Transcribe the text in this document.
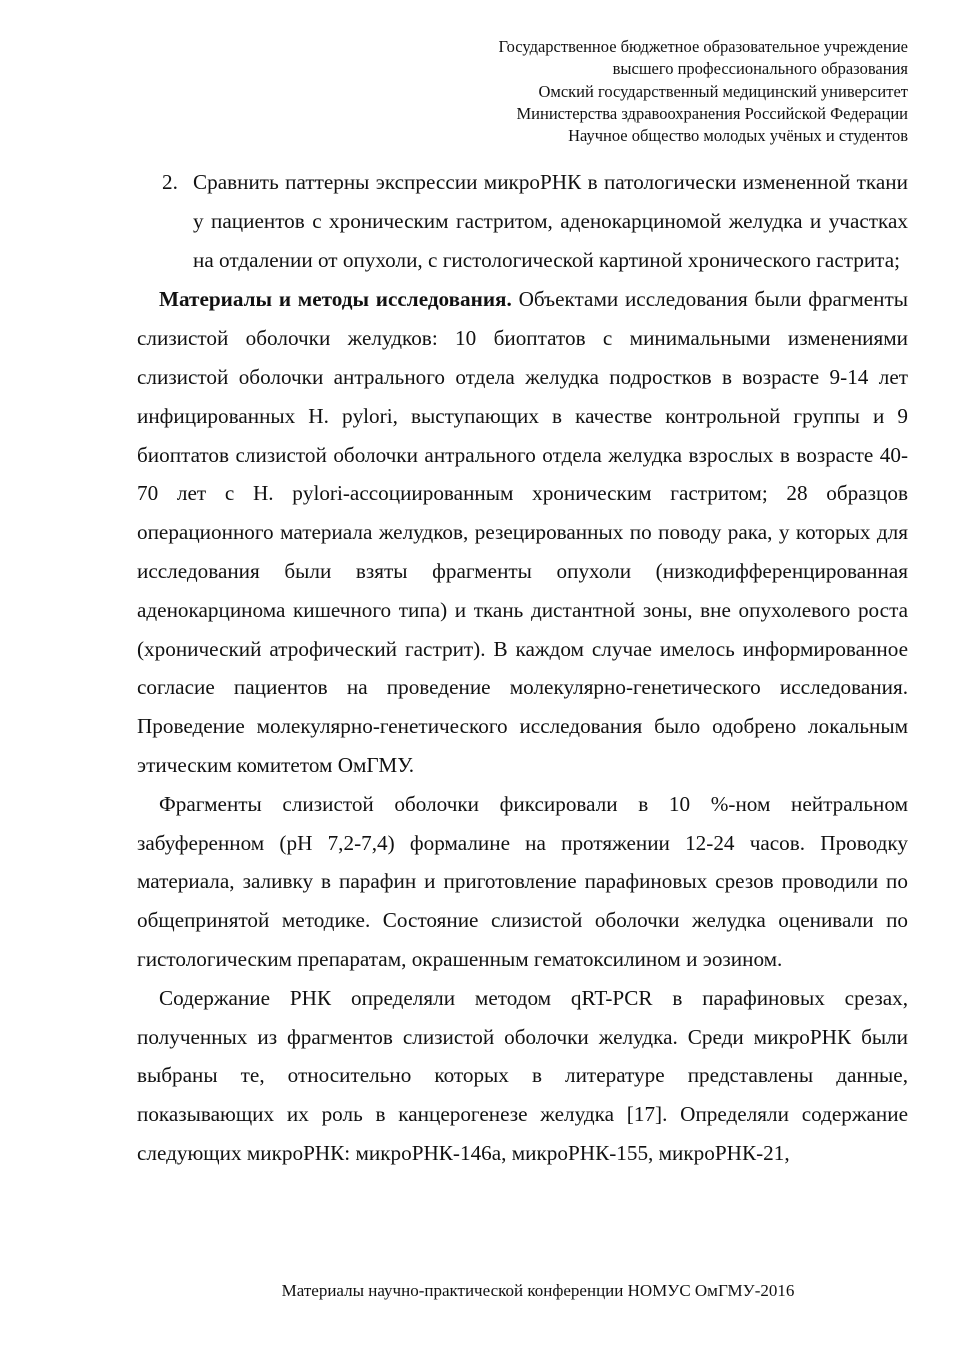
Государственное бюджетное образовательное учреждение
высшего профессионального образования
Омский государственный медицинский университет
Министерства здравоохранения Российской Федерации
Научное общество молодых учёных и студентов
2. Сравнить паттерны экспрессии микроРНК в патологически измененной ткани у пациентов с хроническим гастритом, аденокарциномой желудка и участках на отдалении от опухоли, с гистологической картиной хронического гастрита;

Материалы и методы исследования. Объектами исследования были фрагменты слизистой оболочки желудков: 10 биоптатов с минимальными изменениями слизистой оболочки антрального отдела желудка подростков в возрасте 9-14 лет инфицированных H. pylori, выступающих в качестве контрольной группы и 9 биоптатов слизистой оболочки антрального отдела желудка взрослых в возрасте 40-70 лет с H. pylori-ассоциированным хроническим гастритом; 28 образцов операционного материала желудков, резецированных по поводу рака, у которых для исследования были взяты фрагменты опухоли (низкодифференцированная аденокарцинома кишечного типа) и ткань дистантной зоны, вне опухолевого роста (хронический атрофический гастрит). В каждом случае имелось информированное согласие пациентов на проведение молекулярно-генетического исследования. Проведение молекулярно-генетического исследования было одобрено локальным этическим комитетом ОмГМУ.

Фрагменты слизистой оболочки фиксировали в 10 %-ном нейтральном забуференном (pH 7,2-7,4) формалине на протяжении 12-24 часов. Проводку материала, заливку в парафин и приготовление парафиновых срезов проводили по общепринятой методике. Состояние слизистой оболочки желудка оценивали по гистологическим препаратам, окрашенным гематоксилином и эозином.

Содержание РНК определяли методом qRT-PCR в парафиновых срезах, полученных из фрагментов слизистой оболочки желудка. Среди микроРНК были выбраны те, относительно которых в литературе представлены данные, показывающих их роль в канцерогенезе желудка [17]. Определяли содержание следующих микроРНК: микроРНК-146а, микроРНК-155, микроРНК-21,

Материалы научно-практической конференции НОМУС ОмГМУ-2016
